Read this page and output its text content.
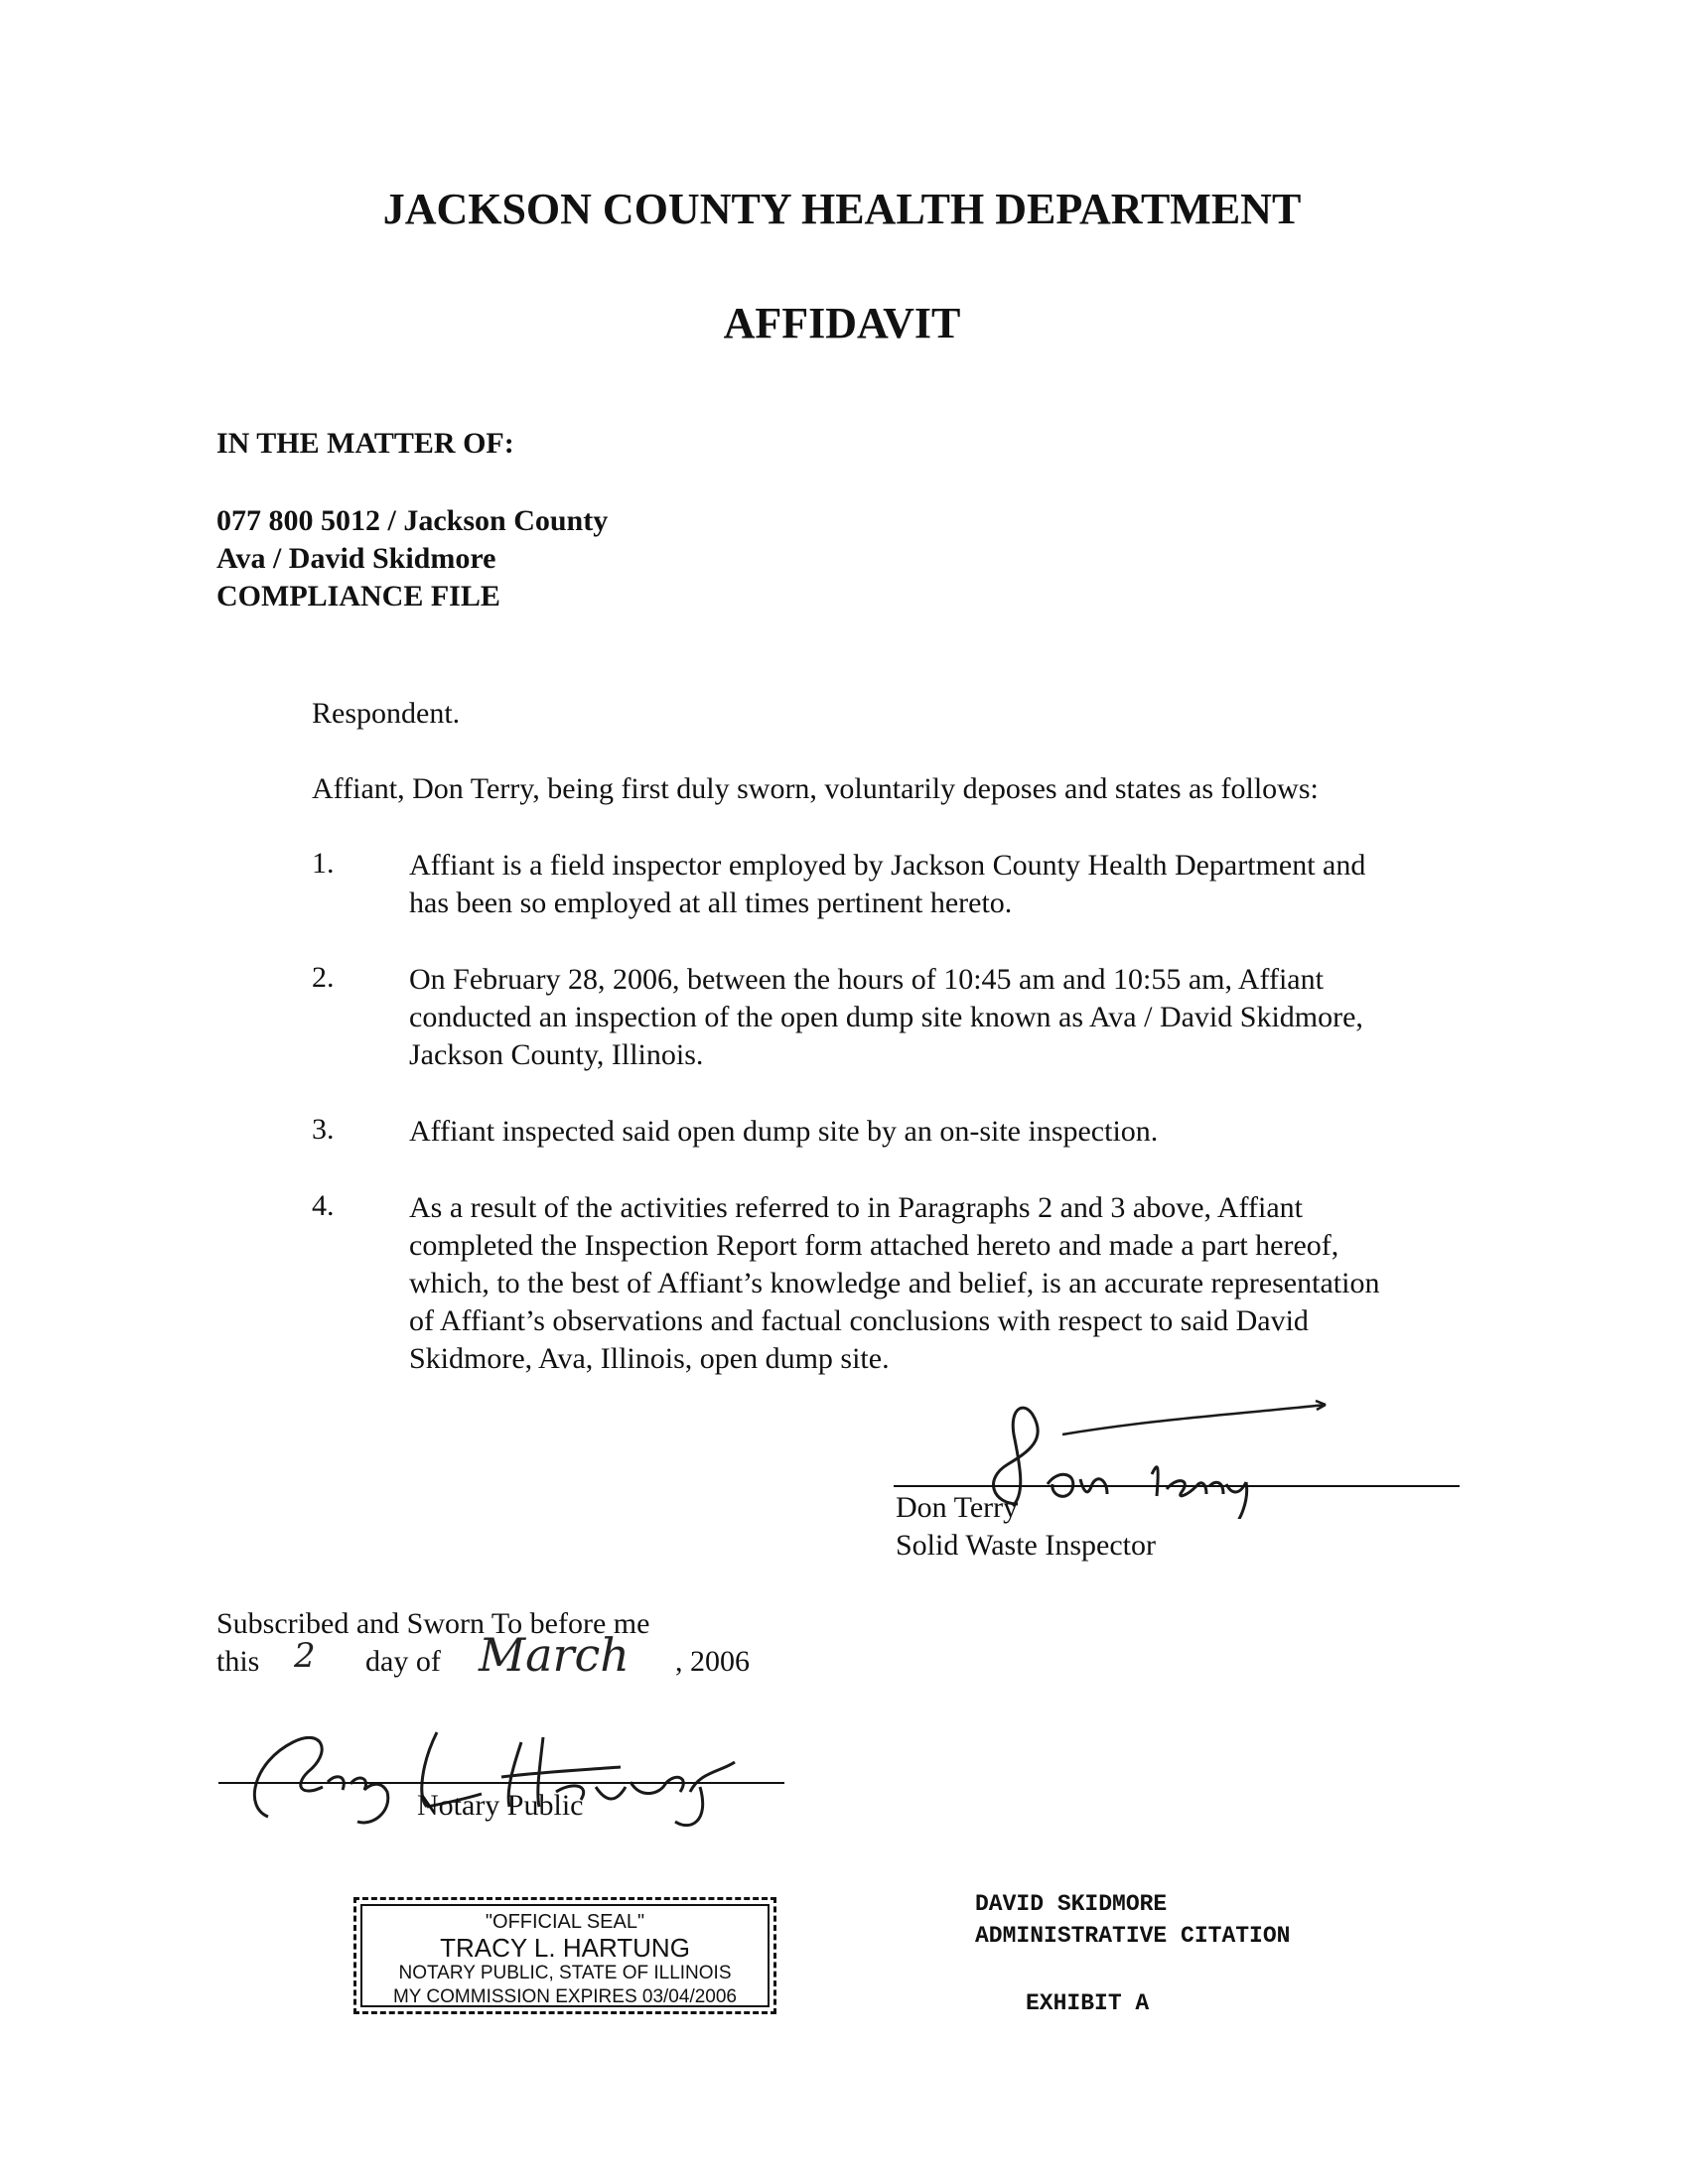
JACKSON COUNTY HEALTH DEPARTMENT
AFFIDAVIT
IN THE MATTER OF:
077 800 5012 / Jackson County
Ava / David Skidmore
COMPLIANCE FILE
Respondent.
Affiant, Don Terry, being first duly sworn, voluntarily deposes and states as follows:
1.	Affiant is a field inspector employed by Jackson County Health Department and
has been so employed at all times pertinent hereto.
2.	On February 28, 2006, between the hours of 10:45 am and 10:55 am, Affiant
conducted an inspection of the open dump site known as Ava / David Skidmore,
Jackson County, Illinois.
3.	Affiant inspected said open dump site by an on-site inspection.
4.	As a result of the activities referred to in Paragraphs 2 and 3 above, Affiant
completed the Inspection Report form attached hereto and made a part hereof,
which, to the best of Affiant’s knowledge and belief, is an accurate representation
of Affiant’s observations and factual conclusions with respect to said David
Skidmore, Ava, Illinois, open dump site.
Don Terry
Solid Waste Inspector
Subscribed and Sworn To before me
this 2 day of March , 2006
Notary Public
"OFFICIAL SEAL"
TRACY L. HARTUNG
NOTARY PUBLIC, STATE OF ILLINOIS
MY COMMISSION EXPIRES 03/04/2006
DAVID SKIDMORE
ADMINISTRATIVE CITATION
EXHIBIT A
